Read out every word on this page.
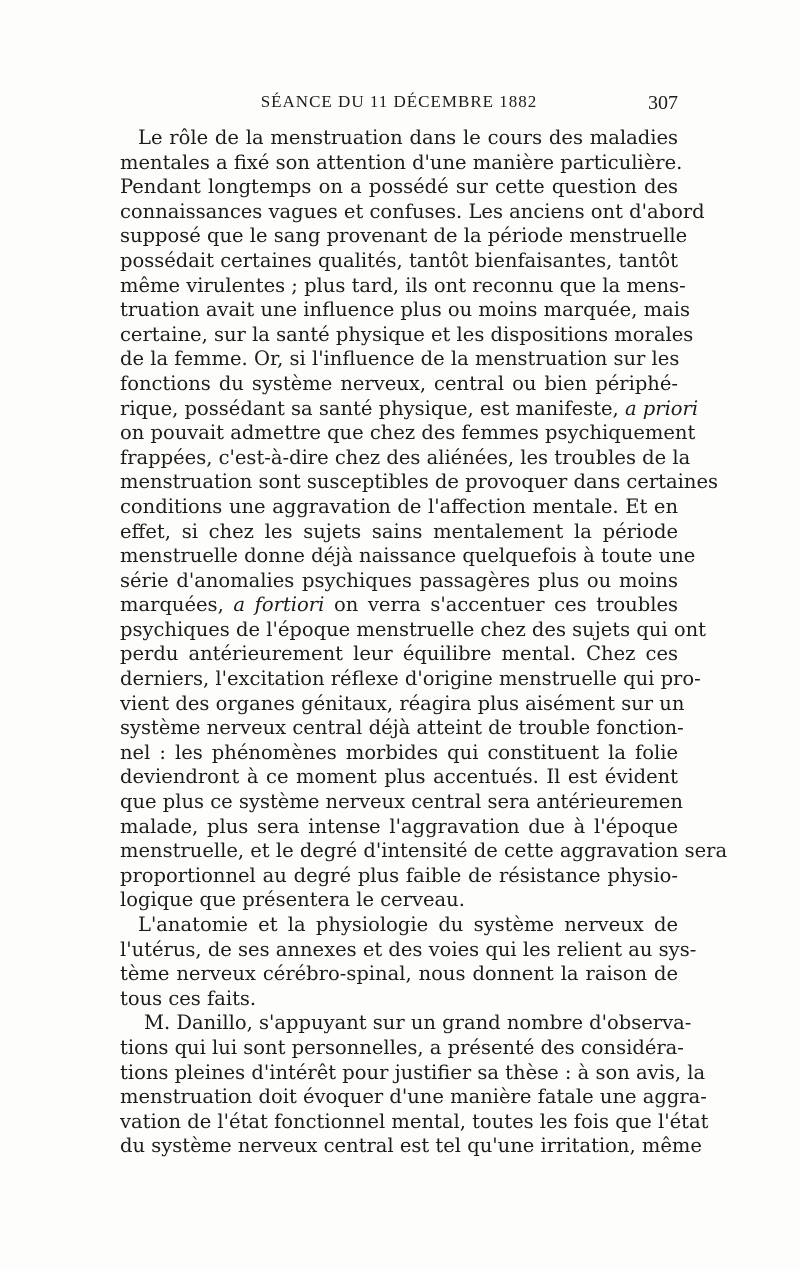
SÉANCE DU 11 DÉCEMBRE 1882	307
Le rôle de la menstruation dans le cours des maladies
mentales a fixé son attention d'une manière particulière.
Pendant longtemps on a possédé sur cette question des
connaissances vagues et confuses. Les anciens ont d'abord
supposé que le sang provenant de la période menstruelle
possédait certaines qualités, tantôt bienfaisantes, tantôt
même virulentes ; plus tard, ils ont reconnu que la mens-
truation avait une influence plus ou moins marquée, mais
certaine, sur la santé physique et les dispositions morales
de la femme. Or, si l'influence de la menstruation sur les
fonctions du système nerveux, central ou bien périphé-
rique, possédant sa santé physique, est manifeste, a priori
on pouvait admettre que chez des femmes psychiquement
frappées, c'est-à-dire chez des aliénées, les troubles de la
menstruation sont susceptibles de provoquer dans certaines
conditions une aggravation de l'affection mentale. Et en
effet, si chez les sujets sains mentalement la période
menstruelle donne déjà naissance quelquefois à toute une
série d'anomalies psychiques passagères plus ou moins
marquées, a fortiori on verra s'accentuer ces troubles
psychiques de l'époque menstruelle chez des sujets qui ont
perdu antérieurement leur équilibre mental. Chez ces
derniers, l'excitation réflexe d'origine menstruelle qui pro-
vient des organes génitaux, réagira plus aisément sur un
système nerveux central déjà atteint de trouble fonction-
nel : les phénomènes morbides qui constituent la folie
deviendront à ce moment plus accentués. Il est évident
que plus ce système nerveux central sera antérieuremen
malade, plus sera intense l'aggravation due à l'époque
menstruelle, et le degré d'intensité de cette aggravation sera
proportionnel au degré plus faible de résistance physio-
logique que présentera le cerveau.
L'anatomie et la physiologie du système nerveux de
l'utérus, de ses annexes et des voies qui les relient au sys-
tème nerveux cérébro-spinal, nous donnent la raison de
tous ces faits.
M. Danillo, s'appuyant sur un grand nombre d'observa-
tions qui lui sont personnelles, a présenté des considéra-
tions pleines d'intérêt pour justifier sa thèse : à son avis, la
menstruation doit évoquer d'une manière fatale une aggra-
vation de l'état fonctionnel mental, toutes les fois que l'état
du système nerveux central est tel qu'une irritation, même
